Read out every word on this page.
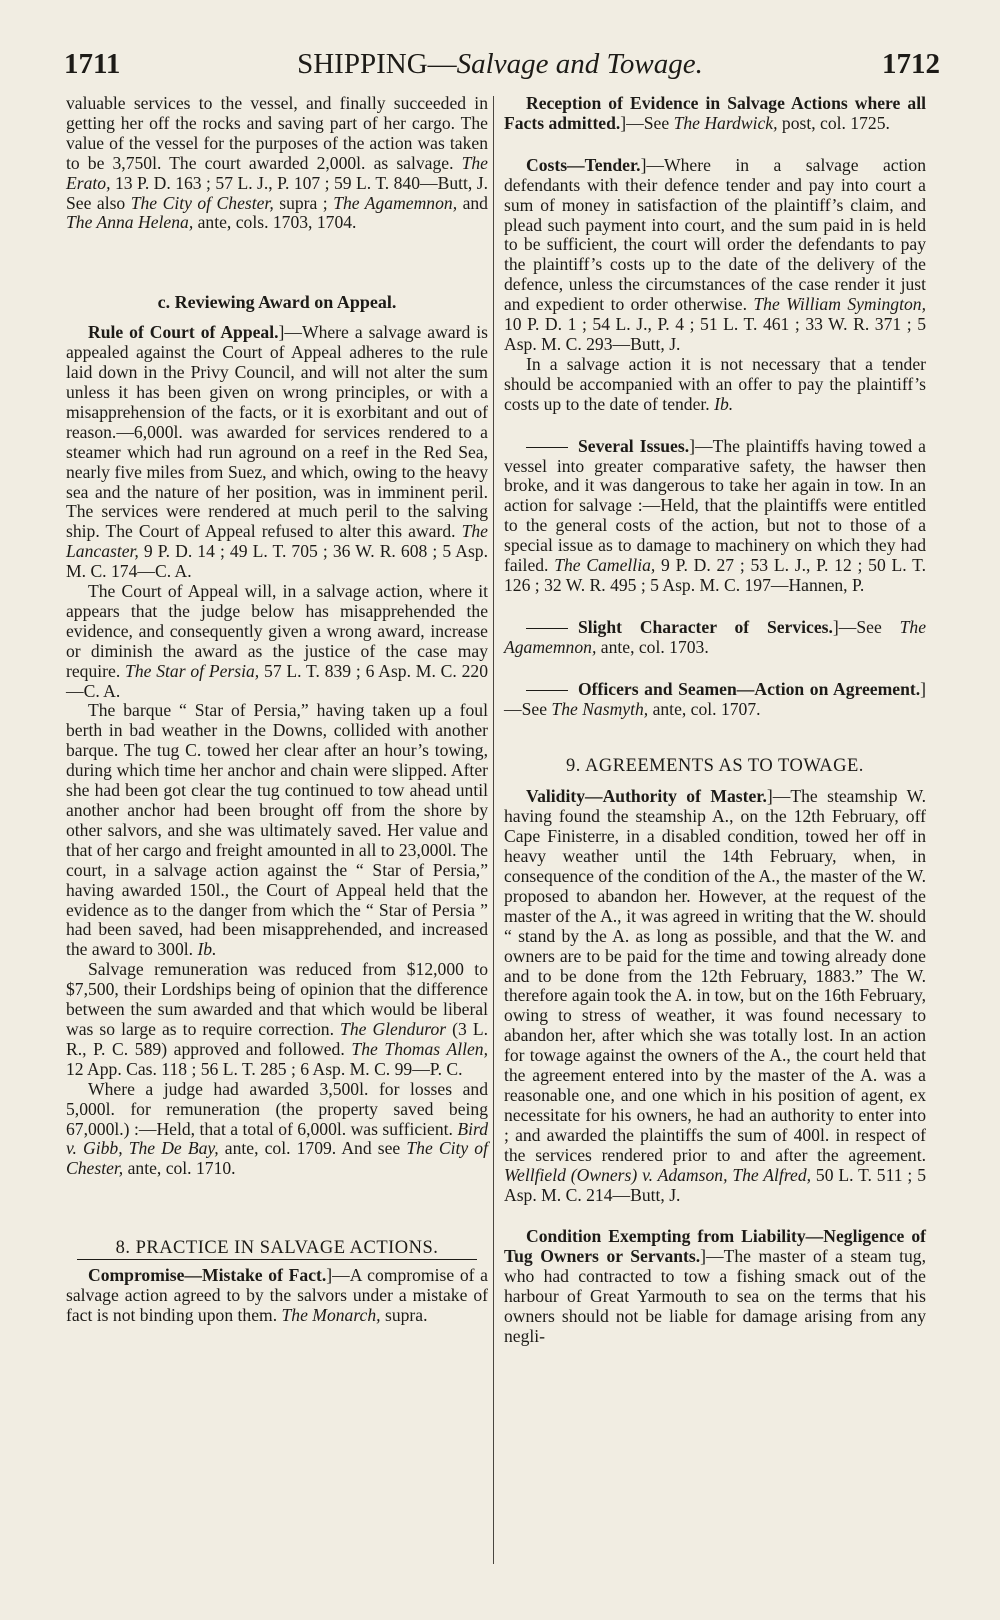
1711	SHIPPING—Salvage and Towage.	1712

valuable services to the vessel, and finally succeeded in getting her off the rocks and saving part of her cargo. The value of the vessel for the purposes of the action was taken to be 3,750l. The court awarded 2,000l. as salvage. The Erato, 13 P. D. 163 ; 57 L. J., P. 107 ; 59 L. T. 840—Butt, J. See also The City of Chester, supra ; The Agamemnon, and The Anna Helena, ante, cols. 1703, 1704.

c. Reviewing Award on Appeal.

Rule of Court of Appeal.]—Where a salvage award is appealed against the Court of Appeal adheres to the rule laid down in the Privy Council, and will not alter the sum unless it has been given on wrong principles, or with a misapprehension of the facts, or it is exorbitant and out of reason.—6,000l. was awarded for services rendered to a steamer which had run aground on a reef in the Red Sea, nearly five miles from Suez, and which, owing to the heavy sea and the nature of her position, was in imminent peril. The services were rendered at much peril to the salving ship. The Court of Appeal refused to alter this award. The Lancaster, 9 P. D. 14 ; 49 L. T. 705 ; 36 W. R. 608 ; 5 Asp. M. C. 174—C. A.

The Court of Appeal will, in a salvage action, where it appears that the judge below has misapprehended the evidence, and consequently given a wrong award, increase or diminish the award as the justice of the case may require. The Star of Persia, 57 L. T. 839 ; 6 Asp. M. C. 220—C. A.

The barque “ Star of Persia,” having taken up a foul berth in bad weather in the Downs, collided with another barque. The tug C. towed her clear after an hour’s towing, during which time her anchor and chain were slipped. After she had been got clear the tug continued to tow ahead until another anchor had been brought off from the shore by other salvors, and she was ultimately saved. Her value and that of her cargo and freight amounted in all to 23,000l. The court, in a salvage action against the “ Star of Persia,” having awarded 150l., the Court of Appeal held that the evidence as to the danger from which the “ Star of Persia ” had been saved, had been misapprehended, and increased the award to 300l. Ib.

Salvage remuneration was reduced from $12,000 to $7,500, their Lordships being of opinion that the difference between the sum awarded and that which would be liberal was so large as to require correction. The Glenduror (3 L. R., P. C. 589) approved and followed. The Thomas Allen, 12 App. Cas. 118 ; 56 L. T. 285 ; 6 Asp. M. C. 99—P. C.

Where a judge had awarded 3,500l. for losses and 5,000l. for remuneration (the property saved being 67,000l.) :—Held, that a total of 6,000l. was sufficient. Bird v. Gibb, The De Bay, ante, col. 1709. And see The City of Chester, ante, col. 1710.

8. PRACTICE IN SALVAGE ACTIONS.

Compromise—Mistake of Fact.]—A compromise of a salvage action agreed to by the salvors under a mistake of fact is not binding upon them. The Monarch, supra.

Reception of Evidence in Salvage Actions where all Facts admitted.]—See The Hardwick, post, col. 1725.

Costs—Tender.]—Where in a salvage action defendants with their defence tender and pay into court a sum of money in satisfaction of the plaintiff’s claim, and plead such payment into court, and the sum paid in is held to be sufficient, the court will order the defendants to pay the plaintiff’s costs up to the date of the delivery of the defence, unless the circumstances of the case render it just and expedient to order otherwise. The William Symington, 10 P. D. 1 ; 54 L. J., P. 4 ; 51 L. T. 461 ; 33 W. R. 371 ; 5 Asp. M. C. 293—Butt, J.

In a salvage action it is not necessary that a tender should be accompanied with an offer to pay the plaintiff’s costs up to the date of tender. Ib.

Several Issues.]—The plaintiffs having towed a vessel into greater comparative safety, the hawser then broke, and it was dangerous to take her again in tow. In an action for salvage :—Held, that the plaintiffs were entitled to the general costs of the action, but not to those of a special issue as to damage to machinery on which they had failed. The Camellia, 9 P. D. 27 ; 53 L. J., P. 12 ; 50 L. T. 126 ; 32 W. R. 495 ; 5 Asp. M. C. 197—Hannen, P.

Slight Character of Services.]—See The Agamemnon, ante, col. 1703.

Officers and Seamen—Action on Agreement.]—See The Nasmyth, ante, col. 1707.

9. AGREEMENTS AS TO TOWAGE.

Validity—Authority of Master.]—The steamship W. having found the steamship A., on the 12th February, off Cape Finisterre, in a disabled condition, towed her off in heavy weather until the 14th February, when, in consequence of the condition of the A., the master of the W. proposed to abandon her. However, at the request of the master of the A., it was agreed in writing that the W. should “ stand by the A. as long as possible, and that the W. and owners are to be paid for the time and towing already done and to be done from the 12th February, 1883.” The W. therefore again took the A. in tow, but on the 16th February, owing to stress of weather, it was found necessary to abandon her, after which she was totally lost. In an action for towage against the owners of the A., the court held that the agreement entered into by the master of the A. was a reasonable one, and one which in his position of agent, ex necessitate for his owners, he had an authority to enter into ; and awarded the plaintiffs the sum of 400l. in respect of the services rendered prior to and after the agreement. Wellfield (Owners) v. Adamson, The Alfred, 50 L. T. 511 ; 5 Asp. M. C. 214—Butt, J.

Condition Exempting from Liability—Negligence of Tug Owners or Servants.]—The master of a steam tug, who had contracted to tow a fishing smack out of the harbour of Great Yarmouth to sea on the terms that his owners should not be liable for damage arising from any negli-
